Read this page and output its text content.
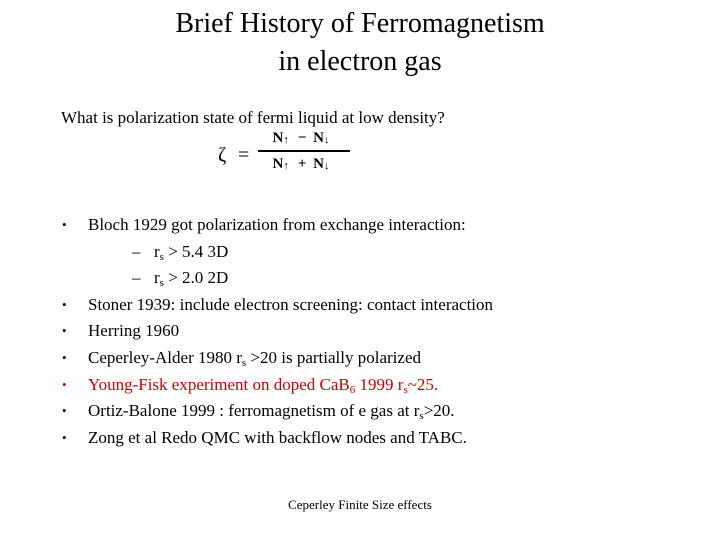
Brief History of Ferromagnetism
in electron gas
What is polarization state of fermi liquid at low density?
ζ =
N↑ − N↓
N↑ + N↓
• Bloch 1929 got polarization from exchange interaction:
– $r_s > 5.4$ 3D
– $r_s > 2.0$ 2D
• Stoner 1939: include electron screening: contact interaction
• Herring 1960
• Ceperley-Alder 1980 $r_s >20$ is partially polarized
• Young-Fisk experiment on doped CaB$_6$ 1999 $r_s\sim 25$.
• Ortiz-Balone 1999 : ferromagnetism of e gas at $r_s>20$.
• Zong et al Redo QMC with backflow nodes and TABC.
Ceperley Finite Size effects
